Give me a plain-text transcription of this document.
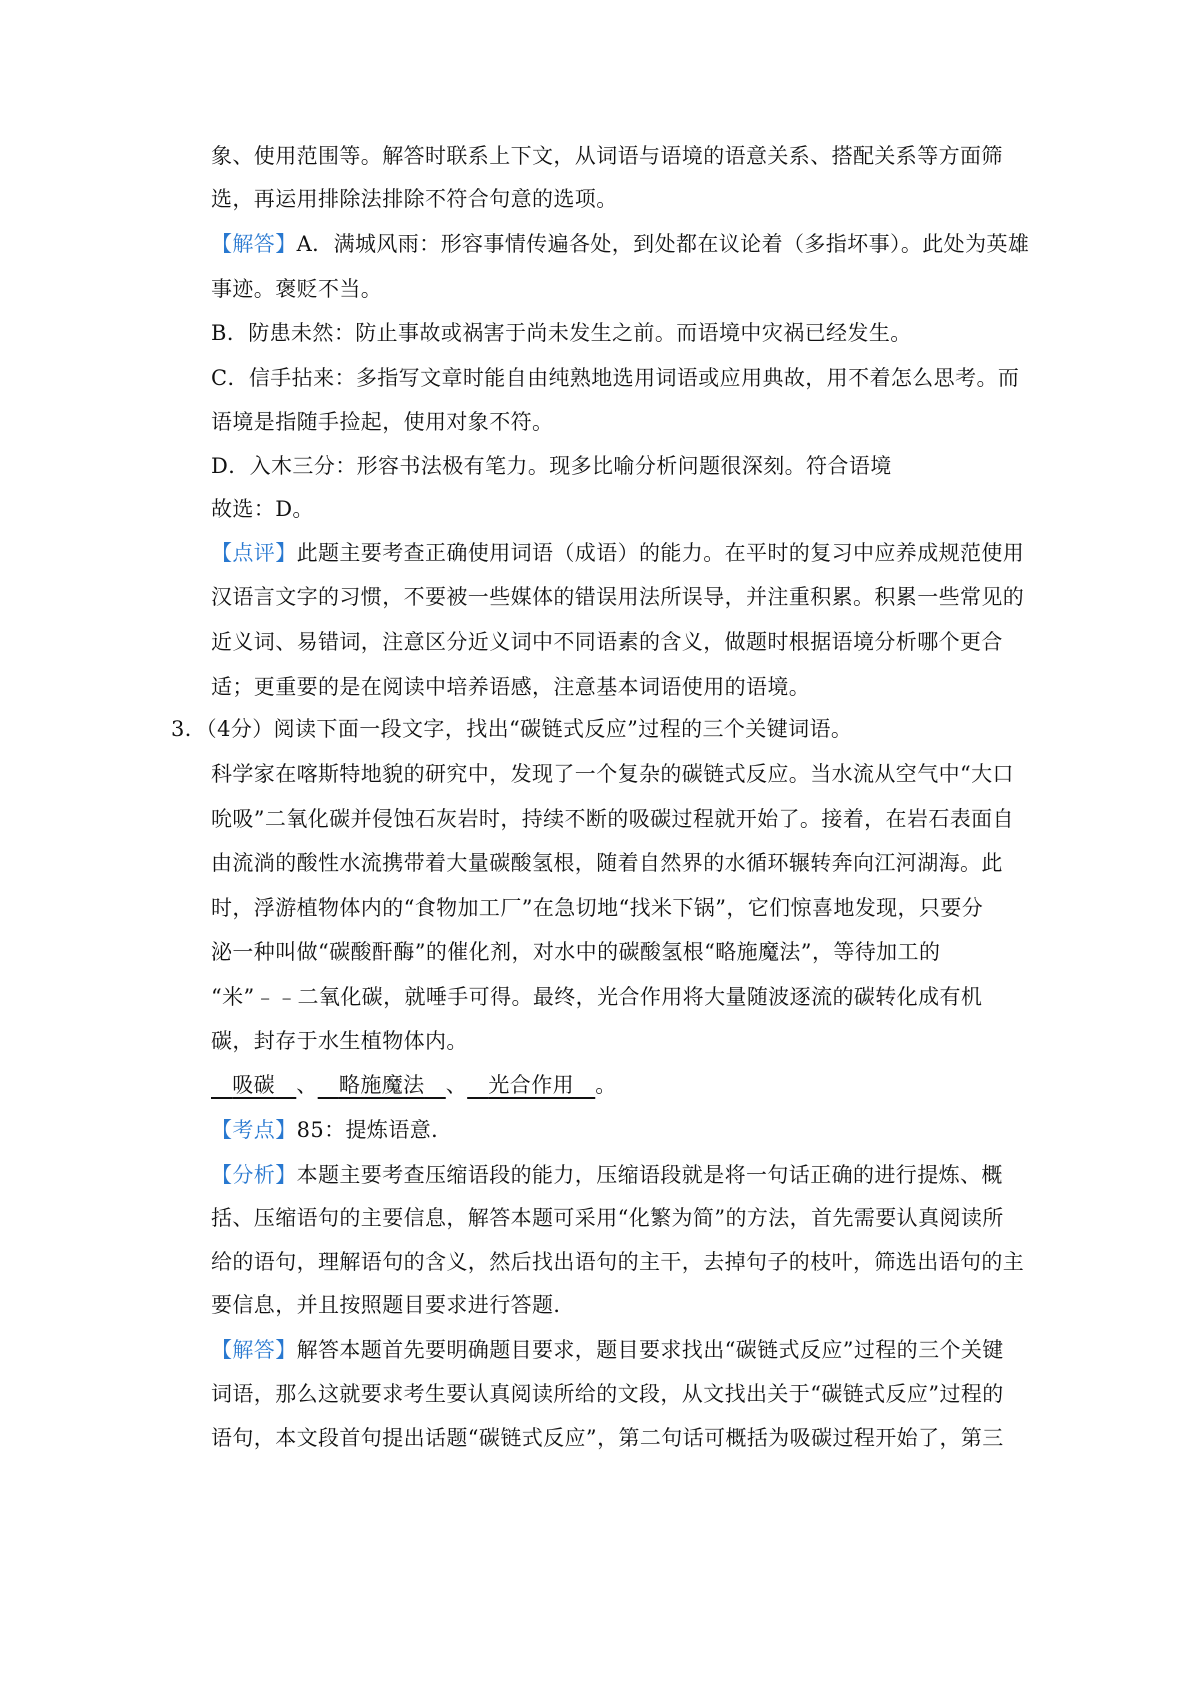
象、使用范围等。解答时联系上下文，从词语与语境的语意关系、搭配关系等方面筛
选，再运用排除法排除不符合句意的选项。
【解答】A．满城风雨：形容事情传遍各处，到处都在议论着（多指坏事）。此处为英雄
事迹。褒贬不当。
B．防患未然：防止事故或祸害于尚未发生之前。而语境中灾祸已经发生。
C．信手拈来：多指写文章时能自由纯熟地选用词语或应用典故，用不着怎么思考。而
语境是指随手捡起，使用对象不符。
D．入木三分：形容书法极有笔力。现多比喻分析问题很深刻。符合语境
故选：D。
【点评】此题主要考查正确使用词语（成语）的能力。在平时的复习中应养成规范使用
汉语言文字的习惯，不要被一些媒体的错误用法所误导，并注重积累。积累一些常见的
近义词、易错词，注意区分近义词中不同语素的含义，做题时根据语境分析哪个更合
适；更重要的是在阅读中培养语感，注意基本词语使用的语境。
3．（4分）阅读下面一段文字，找出“碳链式反应”过程的三个关键词语。
科学家在喀斯特地貌的研究中，发现了一个复杂的碳链式反应。当水流从空气中“大口
吮吸”二氧化碳并侵蚀石灰岩时，持续不断的吸碳过程就开始了。接着，在岩石表面自
由流淌的酸性水流携带着大量碳酸氢根，随着自然界的水循环辗转奔向江河湖海。此
时，浮游植物体内的“食物加工厂”在急切地“找米下锅”，它们惊喜地发现，只要分
泌一种叫做“碳酸酐酶”的催化剂，对水中的碳酸氢根“略施魔法”，等待加工的
“米”﹣﹣二氧化碳，就唾手可得。最终，光合作用将大量随波逐流的碳转化成有机
碳，封存于水生植物体内。
吸碳 、 略施魔法 、 光合作用 。
【考点】85：提炼语意．
【分析】本题主要考查压缩语段的能力，压缩语段就是将一句话正确的进行提炼、概
括、压缩语句的主要信息，解答本题可采用“化繁为简”的方法，首先需要认真阅读所
给的语句，理解语句的含义，然后找出语句的主干，去掉句子的枝叶，筛选出语句的主
要信息，并且按照题目要求进行答题．
【解答】解答本题首先要明确题目要求，题目要求找出“碳链式反应”过程的三个关键
词语，那么这就要求考生要认真阅读所给的文段，从文找出关于“碳链式反应”过程的
语句，本文段首句提出话题“碳链式反应”，第二句话可概括为吸碳过程开始了，第三
